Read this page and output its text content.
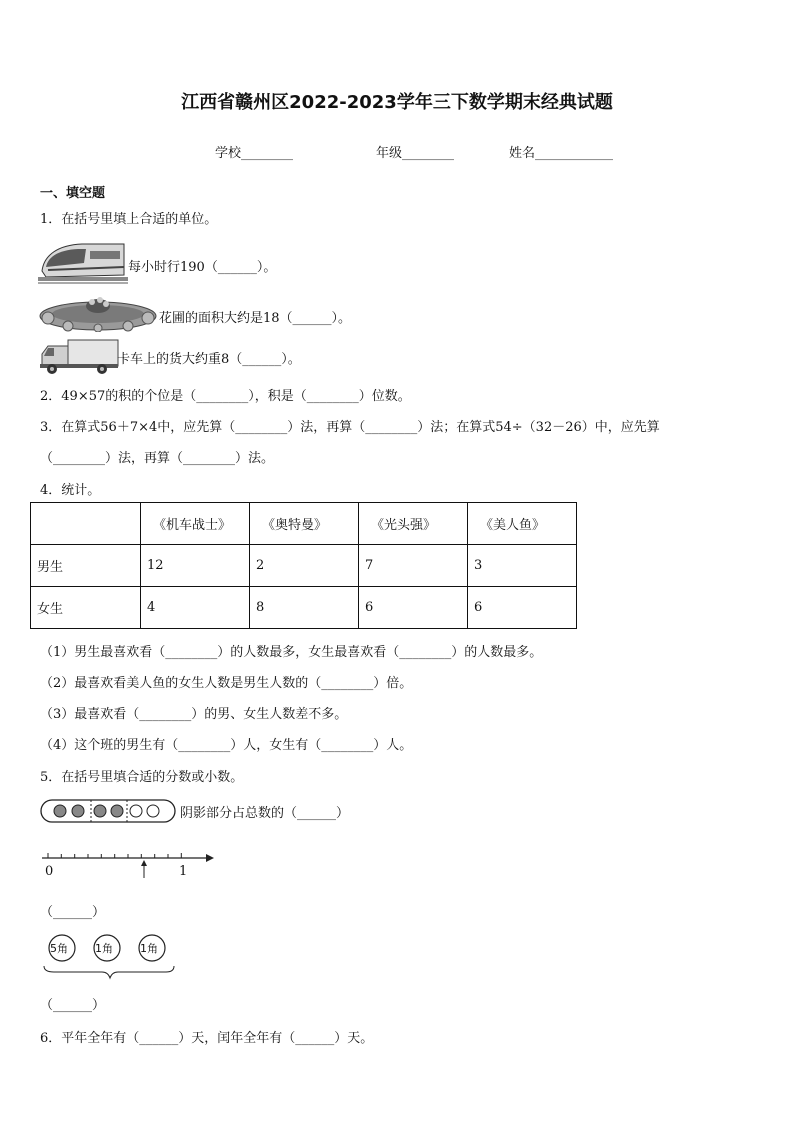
江西省赣州区2022-2023学年三下数学期末经典试题
学校________	年级________	姓名____________
一、填空题
1．在括号里填上合适的单位。
每小时行190（______）。
花圃的面积大约是18（______）。
卡车上的货大约重8（______）。
2．49×57的积的个位是（________），积是（________）位数。
3．在算式56＋7×4中，应先算（________）法，再算（________）法；在算式54÷（32－26）中，应先算
（________）法，再算（________）法。
4．统计。
	《机车战士》	《奥特曼》	《光头强》	《美人鱼》
男生	12	2	7	3
女生	4	8	6	6
（1）男生最喜欢看（________）的人数最多，女生最喜欢看（________）的人数最多。
（2）最喜欢看美人鱼的女生人数是男生人数的（________）倍。
（3）最喜欢看（________）的男、女生人数差不多。
（4）这个班的男生有（________）人，女生有（________）人。
5．在括号里填合适的分数或小数。
阴影部分占总数的（______）
0	1
（______）
5角 1角 1角
（______）
6．平年全年有（______）天，闰年全年有（______）天。
